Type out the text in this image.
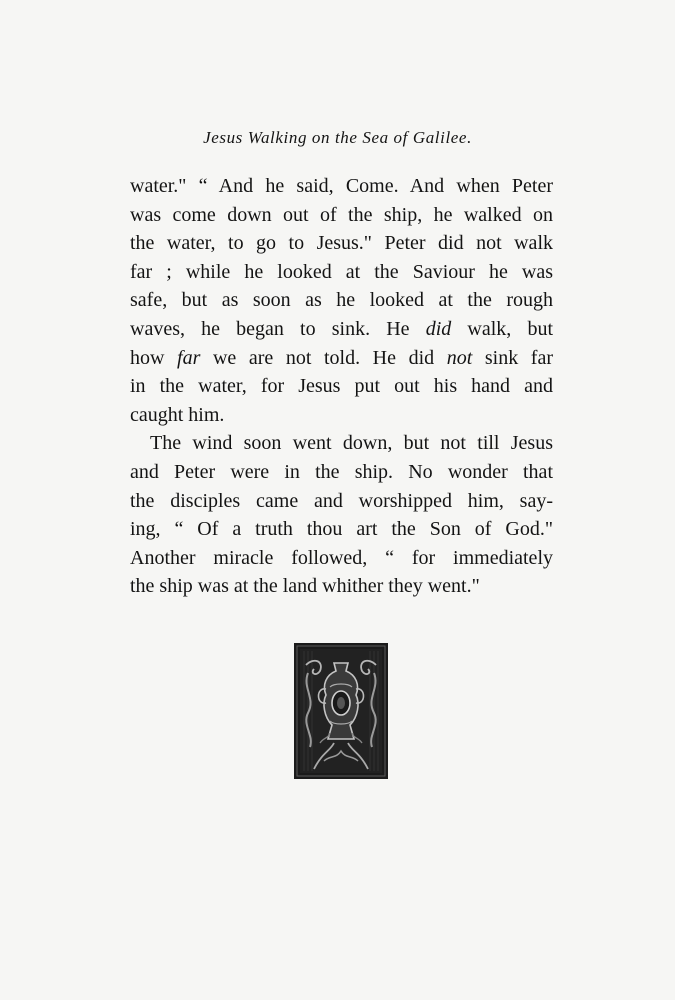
Jesus Walking on the Sea of Galilee.
water." “ And he said, Come. And when Peter
was come down out of the ship, he walked on
the water, to go to Jesus." Peter did not walk
far ; while he looked at the Saviour he was
safe, but as soon as he looked at the rough
waves, he began to sink. He did walk, but
how far we are not told. He did not sink far
in the water, for Jesus put out his hand and
caught him.
The wind soon went down, but not till Jesus
and Peter were in the ship. No wonder that
the disciples came and worshipped him, say-
ing, “ Of a truth thou art the Son of God."
Another miracle followed, “ for immediately
the ship was at the land whither they went."
